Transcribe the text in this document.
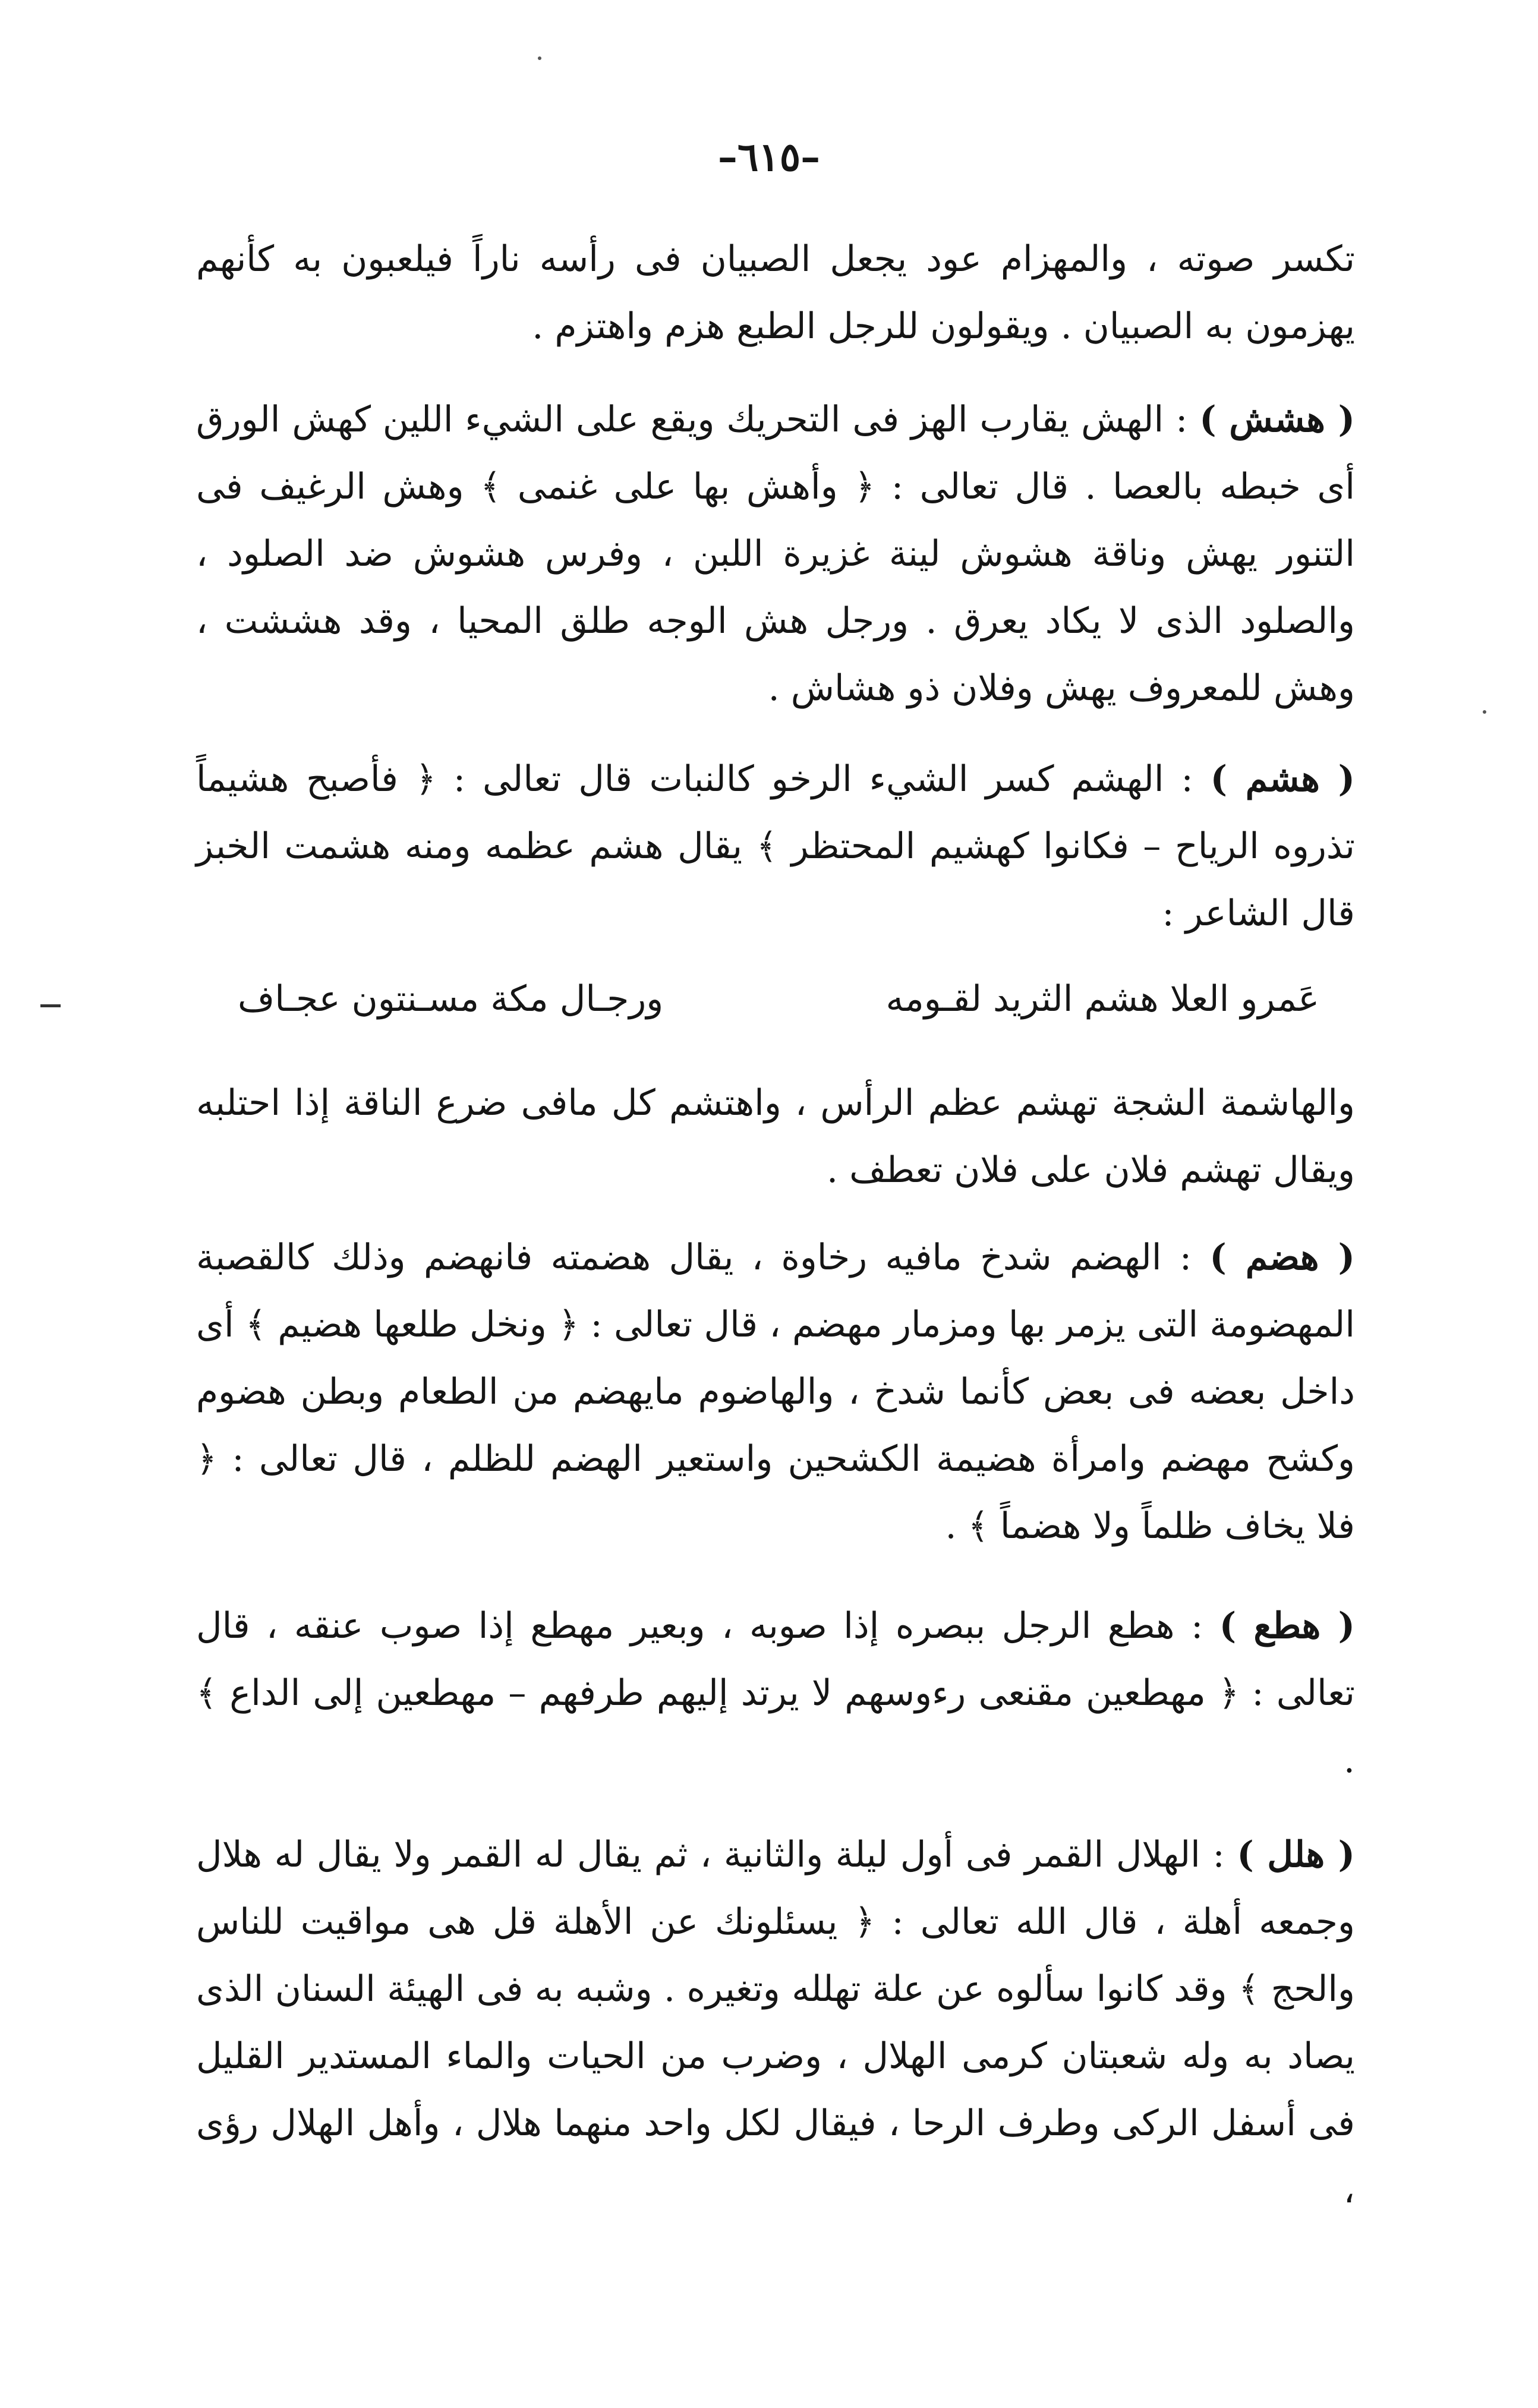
–٦١٥–

تكسر صوته ، والمهزام عود يجعل الصبيان فى رأسه ناراً فيلعبون به كأنهم يهزمون به الصبيان . ويقولون للرجل الطبع هزم واهتزم .

( هشش ) : الهش يقارب الهز فى التحريك ويقع على الشيء اللين كهش الورق أى خبطه بالعصا . قال تعالى : ﴿ وأهش بها على غنمى ﴾ وهش الرغيف فى التنور يهش وناقة هشوش لينة غزيرة اللبن ، وفرس هشوش ضد الصلود ، والصلود الذى لا يكاد يعرق . ورجل هش الوجه طلق المحيا ، وقد هششت ، وهش للمعروف يهش وفلان ذو هشاش .

( هشم ) : الهشم كسر الشيء الرخو كالنبات قال تعالى : ﴿ فأصبح هشيماً تذروه الرياح – فكانوا كهشيم المحتظر ﴾ يقال هشم عظمه ومنه هشمت الخبز قال الشاعر :

عَمرو العلا هشم الثريد لقـومه
ورجـال مكة مسـنتون عجـاف

والهاشمة الشجة تهشم عظم الرأس ، واهتشم كل مافى ضرع الناقة إذا احتلبه ويقال تهشم فلان على فلان تعطف .

( هضم ) : الهضم شدخ مافيه رخاوة ، يقال هضمته فانهضم وذلك كالقصبة المهضومة التى يزمر بها ومزمار مهضم ، قال تعالى : ﴿ ونخل طلعها هضيم ﴾ أى داخل بعضه فى بعض كأنما شدخ ، والهاضوم مايهضم من الطعام وبطن هضوم وكشح مهضم وامرأة هضيمة الكشحين واستعير الهضم للظلم ، قال تعالى : ﴿ فلا يخاف ظلماً ولا هضماً ﴾ .

( هطع ) : هطع الرجل ببصره إذا صوبه ، وبعير مهطع إذا صوب عنقه ، قال تعالى : ﴿ مهطعين مقنعى رءوسهم لا يرتد إليهم طرفهم – مهطعين إلى الداع ﴾ .

( هلل ) : الهلال القمر فى أول ليلة والثانية ، ثم يقال له القمر ولا يقال له هلال وجمعه أهلة ، قال الله تعالى : ﴿ يسئلونك عن الأهلة قل هى مواقيت للناس والحج ﴾ وقد كانوا سألوه عن علة تهلله وتغيره . وشبه به فى الهيئة السنان الذى يصاد به وله شعبتان كرمى الهلال ، وضرب من الحيات والماء المستدير القليل فى أسفل الركى وطرف الرحا ، فيقال لكل واحد منهما هلال ، وأهل الهلال رؤى ،
